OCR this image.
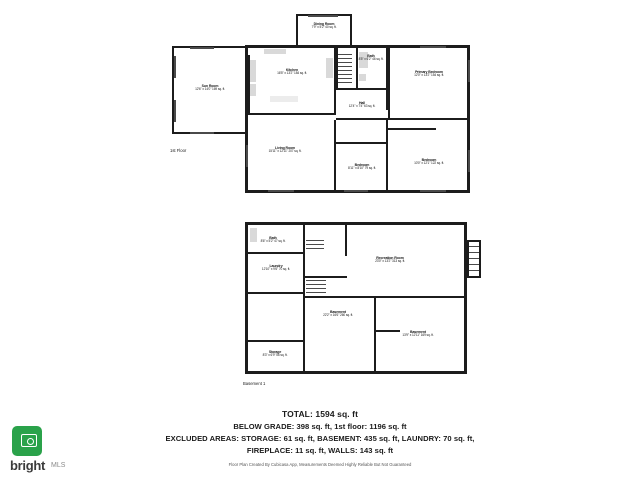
Sun Room
12'6" x 14'0" 169 sq. ft.
Dining Room
7'9" x 5'2" 40 sq. ft.
Kitchen
16'5" x 13'2" 184 sq. ft.
Bath
8'5" x 6'2" 46 sq. ft.
Primary Bedroom
12'0" x 13'2" 154 sq. ft.
Hall
12'4" x 7'4" 63 sq. ft.
Living Room
15'11" x 12'11" 207 sq. ft.
Bedroom
8'11" x 8'10" 79 sq. ft.
Bedroom
10'0" x 12'1" 122 sq. ft.
1st Floor
Bath
8'6" x 5'2" 47 sq. ft.
Laundry
12'10" x 9'6" 70 sq. ft.
Storage
8'3" x 6'9" 56 sq. ft.
Recreation Room
23'0" x 13'2" 313 sq. ft.
Basement
22'2" x 16'6" 260 sq. ft.
Basement
13'9" x 12'11" 169 sq. ft.
Basement 1
TOTAL: 1594 sq. ft
BELOW GRADE: 398 sq. ft, 1st floor: 1196 sq. ft
EXCLUDED AREAS: STORAGE: 61 sq. ft, BASEMENT: 435 sq. ft, LAUNDRY: 70 sq. ft,
FIREPLACE: 11 sq. ft, WALLS: 143 sq. ft
Floor Plan Created By Cubicasa App, Measurements Deemed Highly Reliable But Not Guaranteed
bright MLS
